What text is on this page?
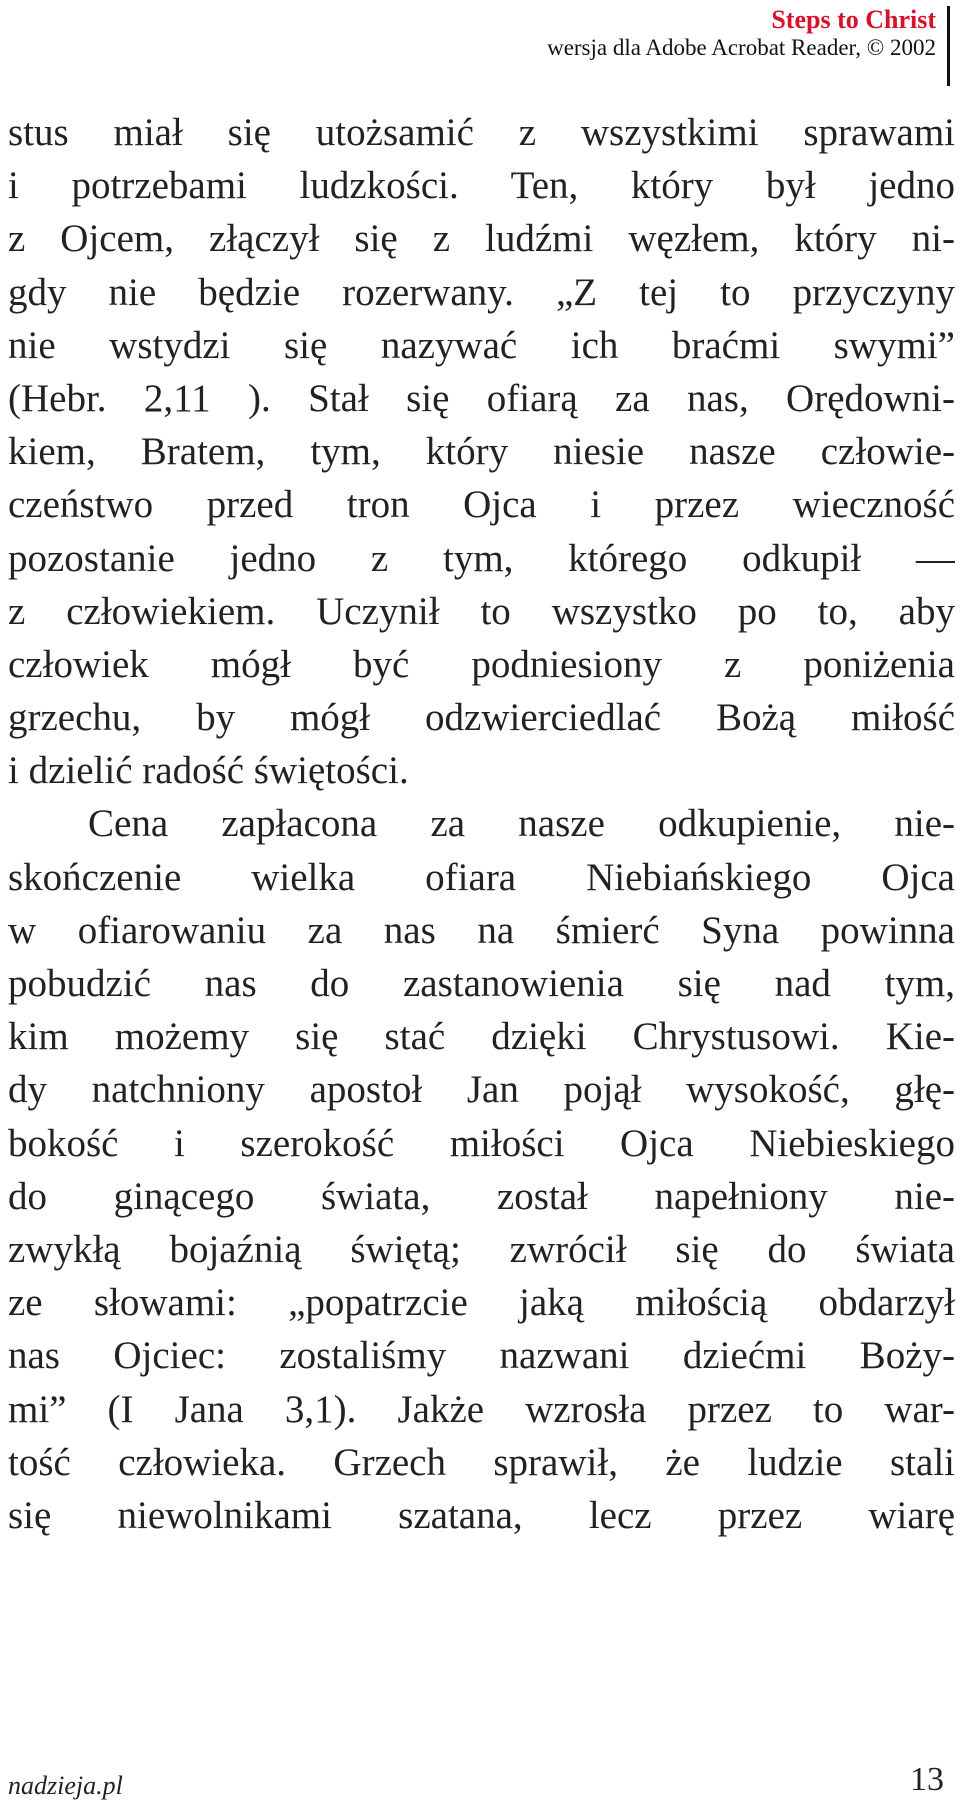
Steps to Christ
wersja dla Adobe Acrobat Reader, © 2002
stus miał się utożsamić z wszystkimi sprawami
i potrzebami ludzkości. Ten, który był jedno
z Ojcem, złączył się z ludźmi węzłem, który ni-
gdy nie będzie rozerwany. „Z tej to przyczyny
nie wstydzi się nazywać ich braćmi swymi”
(Hebr. 2,11 ). Stał się ofiarą za nas, Orędowni-
kiem, Bratem, tym, który niesie nasze człowie-
czeństwo przed tron Ojca i przez wieczność
pozostanie jedno z tym, którego odkupił —
z człowiekiem. Uczynił to wszystko po to, aby
człowiek mógł być podniesiony z poniżenia
grzechu, by mógł odzwierciedlać Bożą miłość
i dzielić radość świętości.
Cena zapłacona za nasze odkupienie, nie-
skończenie wielka ofiara Niebiańskiego Ojca
w ofiarowaniu za nas na śmierć Syna powinna
pobudzić nas do zastanowienia się nad tym,
kim możemy się stać dzięki Chrystusowi. Kie-
dy natchniony apostoł Jan pojął wysokość, głę-
bokość i szerokość miłości Ojca Niebieskiego
do ginącego świata, został napełniony nie-
zwykłą bojaźnią świętą; zwrócił się do świata
ze słowami: „popatrzcie jaką miłością obdarzył
nas Ojciec: zostaliśmy nazwani dziećmi Boży-
mi” (I Jana 3,1). Jakże wzrosła przez to war-
tość człowieka. Grzech sprawił, że ludzie stali
się niewolnikami szatana, lecz przez wiarę
nadzieja.pl	13
